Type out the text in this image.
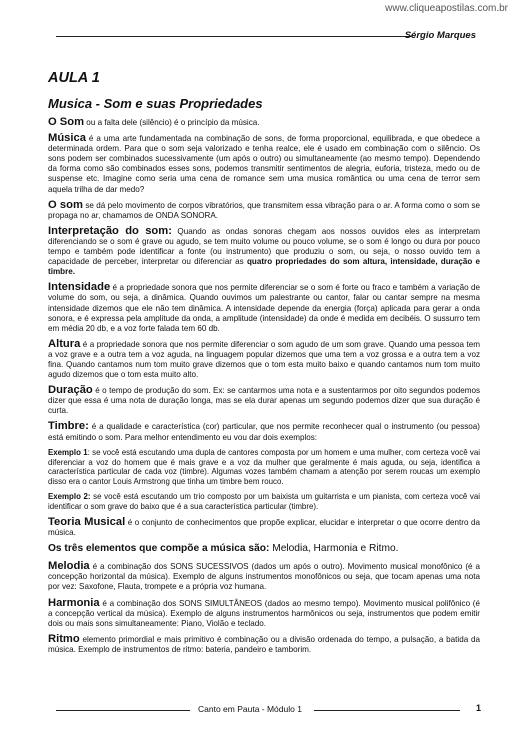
www.cliqueapostilas.com.br
Sérgio Marques
AULA 1
Musica - Som e suas Propriedades

O Som ou a falta dele (silêncio) é o princípio da música.

Música é a uma arte fundamentada na combinação de sons, de forma proporcional, equilibrada, e que obedece a determinada ordem. Para que o som seja valorizado e tenha realce, ele é usado em combinação com o silêncio. Os sons podem ser combinados sucessivamente (um após o outro) ou simultaneamente (ao mesmo tempo). Dependendo da forma como são combinados esses sons, podemos transmitir sentimentos de alegria, euforia, tristeza, medo ou de suspense etc. Imagine como seria uma cena de romance sem uma musica romântica ou uma cena de terror sem aquela trilha de dar medo?

O som se dá pelo movimento de corpos vibratórios, que transmitem essa vibração para o ar. A forma como o som se propaga no ar, chamamos de ONDA SONORA.

Interpretação do som: Quando as ondas sonoras chegam aos nossos ouvidos eles as interpretam diferenciando se o som é grave ou agudo, se tem muito volume ou pouco volume, se o som é longo ou dura por pouco tempo e também pode identificar a fonte (ou instrumento) que produziu o som, ou seja, o nosso ouvido tem a capacidade de perceber, interpretar ou diferenciar as quatro propriedades do som altura, intensidade, duração e timbre.

Intensidade é a propriedade sonora que nos permite diferenciar se o som é forte ou fraco e também a variação de volume do som, ou seja, a dinâmica. Quando ouvimos um palestrante ou cantor, falar ou cantar sempre na mesma intensidade dizemos que ele não tem dinâmica. A intensidade depende da energia (força) aplicada para gerar a onda sonora, e é expressa pela amplitude da onda, a amplitude (intensidade) da onde é medida em decibéis. O sussurro tem em média 20 db, e a voz forte falada tem 60 db.

Altura é a propriedade sonora que nos permite diferenciar o som agudo de um som grave. Quando uma pessoa tem a voz grave e a outra tem a voz aguda, na linguagem popular dizemos que uma tem a voz grossa e a outra tem a voz fina. Quando cantamos num tom muito grave dizemos que o tom esta muito baixo e quando cantamos num tom muito agudo dizemos que o tom esta muito alto.

Duração é o tempo de produção do som. Ex: se cantarmos uma nota e a sustentarmos por oito segundos podemos dizer que essa é uma nota de duração longa, mas se ela durar apenas um segundo podemos dizer que sua duração é curta.

Timbre: é a qualidade e característica (cor) particular, que nos permite reconhecer qual o instrumento (ou pessoa) está emitindo o som. Para melhor entendimento eu vou dar dois exemplos:

Exemplo 1: se você está escutando uma dupla de cantores composta por um homem e uma mulher, com certeza você vai diferenciar a voz do homem que é mais grave e a voz da mulher que geralmente é mais aguda, ou seja, identifica a característica particular de cada voz (timbre). Algumas vozes também chamam a atenção por serem roucas um exemplo disso era o cantor Louis Armstrong que tinha um timbre bem rouco.

Exemplo 2: se você está escutando um trio composto por um baixista um guitarrista e um pianista, com certeza você vai identificar o som grave do baixo que é a sua característica particular (timbre).

Teoria Musical é o conjunto de conhecimentos que propõe explicar, elucidar e interpretar o que ocorre dentro da música.

Os três elementos que compõe a música são: Melodia, Harmonia e Ritmo.

Melodia é a combinação dos SONS SUCESSIVOS (dados um após o outro). Movimento musical monofônico (é a concepção horizontal da música). Exemplo de alguns instrumentos monofônicos ou seja, que tocam apenas uma nota por vez: Saxofone, Flauta, trompete e a própria voz humana.

Harmonia é a combinação dos SONS SIMULTÂNEOS (dados ao mesmo tempo). Movimento musical polifônico (é a concepção vertical da música). Exemplo de alguns instrumentos harmônicos ou seja, instrumentos que podem emitir dois ou mais sons simultaneamente: Piano, Violão e teclado.

Ritmo elemento primordial e mais primitivo é combinação ou a divisão ordenada do tempo, a pulsação, a batida da música. Exemplo de instrumentos de ritmo: bateria, pandeiro e tamborim.

Canto em Pauta - Módulo 1	1
